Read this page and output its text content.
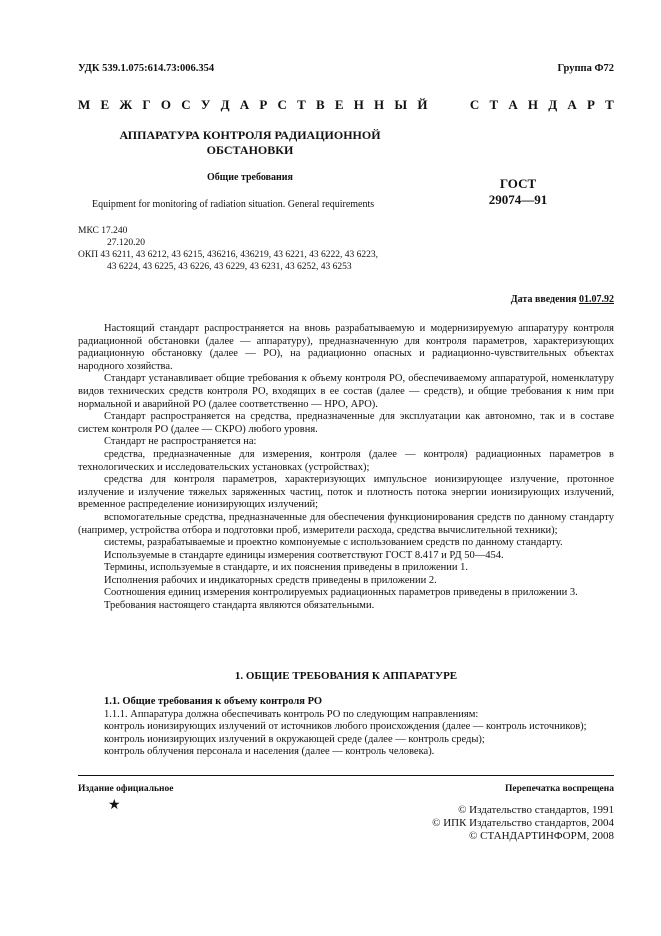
УДК 539.1.075:614.73:006.354	Группа Ф72
М Е Ж Г О С У Д А Р С Т В Е Н Н Ы Й	С Т А Н Д А Р Т
АППАРАТУРА КОНТРОЛЯ РАДИАЦИОННОЙ
ОБСТАНОВКИ
Общие требования
Equipment for monitoring of radiation situation. General requirements
ГОСТ
29074—91
МКС 17.240
27.120.20
ОКП 43 6211, 43 6212, 43 6215, 436216, 436219, 43 6221, 43 6222, 43 6223,
43 6224, 43 6225, 43 6226, 43 6229, 43 6231, 43 6252, 43 6253
Дата введения 01.07.92

Настоящий стандарт распространяется на вновь разрабатываемую и модернизируемую аппаратуру контроля радиационной обстановки (далее — аппаратуру), предназначенную для контроля параметров, характеризующих радиационную обстановку (далее — РО), на радиационно опасных и радиационно-чувствительных объектах народного хозяйства.

Стандарт устанавливает общие требования к объему контроля РО, обеспечиваемому аппаратурой, номенклатуру видов технических средств контроля РО, входящих в ее состав (далее — средств), и общие требования к ним при нормальной и аварийной РО (далее соответственно — НРО, АРО).

Стандарт распространяется на средства, предназначенные для эксплуатации как автономно, так и в составе систем контроля РО (далее — СКРО) любого уровня.

Стандарт не распространяется на:

средства, предназначенные для измерения, контроля (далее — контроля) радиационных параметров в технологических и исследовательских установках (устройствах);

средства для контроля параметров, характеризующих импульсное ионизирующее излучение, протонное излучение и излучение тяжелых заряженных частиц, поток и плотность потока энергии ионизирующих излучений, временное распределение ионизирующих излучений;

вспомогательные средства, предназначенные для обеспечения функционирования средств по данному стандарту (например, устройства отбора и подготовки проб, измерители расхода, средства вычислительной техники);

системы, разрабатываемые и проектно компонуемые с использованием средств по данному стандарту.

Используемые в стандарте единицы измерения соответствуют ГОСТ 8.417 и РД 50—454.

Термины, используемые в стандарте, и их пояснения приведены в приложении 1.

Исполнения рабочих и индикаторных средств приведены в приложении 2.

Соотношения единиц измерения контролируемых радиационных параметров приведены в приложении 3.

Требования настоящего стандарта являются обязательными.

1. ОБЩИЕ ТРЕБОВАНИЯ К АППАРАТУРЕ

1.1. Общие требования к объему контроля РО

1.1.1. Аппаратура должна обеспечивать контроль РО по следующим направлениям:

контроль ионизирующих излучений от источников любого происхождения (далее — контроль источников);

контроль ионизирующих излучений в окружающей среде (далее — контроль среды);

контроль облучения персонала и населения (далее — контроль человека).

Издание официальное	Перепечатка воспрещена
★	© Издательство стандартов, 1991
© ИПК Издательство стандартов, 2004
© СТАНДАРТИНФОРМ, 2008
